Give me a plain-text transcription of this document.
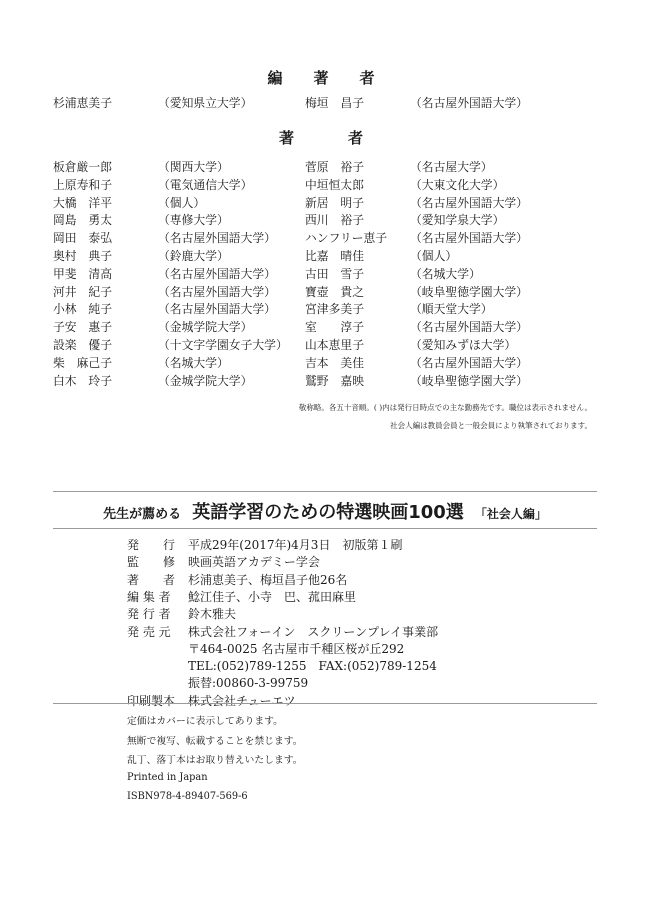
編　著　者
杉浦恵美子	（愛知県立大学）	梅垣　昌子	（名古屋外国語大学）
著　　者
板倉厳一郎	（関西大学）	菅原　裕子	（名古屋大学）
上原寿和子	（電気通信大学）	中垣恒太郎	（大東文化大学）
大橋　洋平	（個人）	新居　明子	（名古屋外国語大学）
岡島　勇太	（専修大学）	西川　裕子	（愛知学泉大学）
岡田　泰弘	（名古屋外国語大学） ハンフリー恵子 （名古屋外国語大学）
奥村　典子	（鈴鹿大学）	比嘉　晴佳	（個人）
甲斐　清高	（名古屋外国語大学） 古田　雪子	（名城大学）
河井　紀子	（名古屋外国語大学） 寶壺　貴之	（岐阜聖徳学園大学）
小林　純子	（名古屋外国語大学） 宮津多美子	（順天堂大学）
子安　惠子	（金城学院大学）	室　　淳子	（名古屋外国語大学）
設楽　優子	（十文字学園女子大学） 山本恵里子	（愛知みずほ大学）
柴　麻己子	（名城大学）	吉本　美佳	（名古屋外国語大学）
白木　玲子	（金城学院大学）	鷲野　嘉映	（岐阜聖徳学園大学）
敬称略。各五十音順。( )内は発行日時点での主な勤務先です。職位は表示されません。
社会人編は教員会員と一般会員により執筆されております。
先生が薦める 英語学習のための特選映画100選 「社会人編」
発　　行 平成29年(2017年)4月3日　初版第１刷
監　　修 映画英語アカデミー学会
著　　者 杉浦恵美子、梅垣昌子他26名
編 集 者 鯰江佳子、小寺　巴、菰田麻里
発 行 者 鈴木雅夫
発 売 元 株式会社フォーイン　スクリーンプレイ事業部
〒464-0025 名古屋市千種区桜が丘292
TEL:(052)789-1255　FAX:(052)789-1254
振替:00860-3-99759
印刷製本 株式会社チューエツ
定価はカバーに表示してあります。
無断で複写、転載することを禁じます。
乱丁、落丁本はお取り替えいたします。
Printed in Japan
ISBN978-4-89407-569-6
